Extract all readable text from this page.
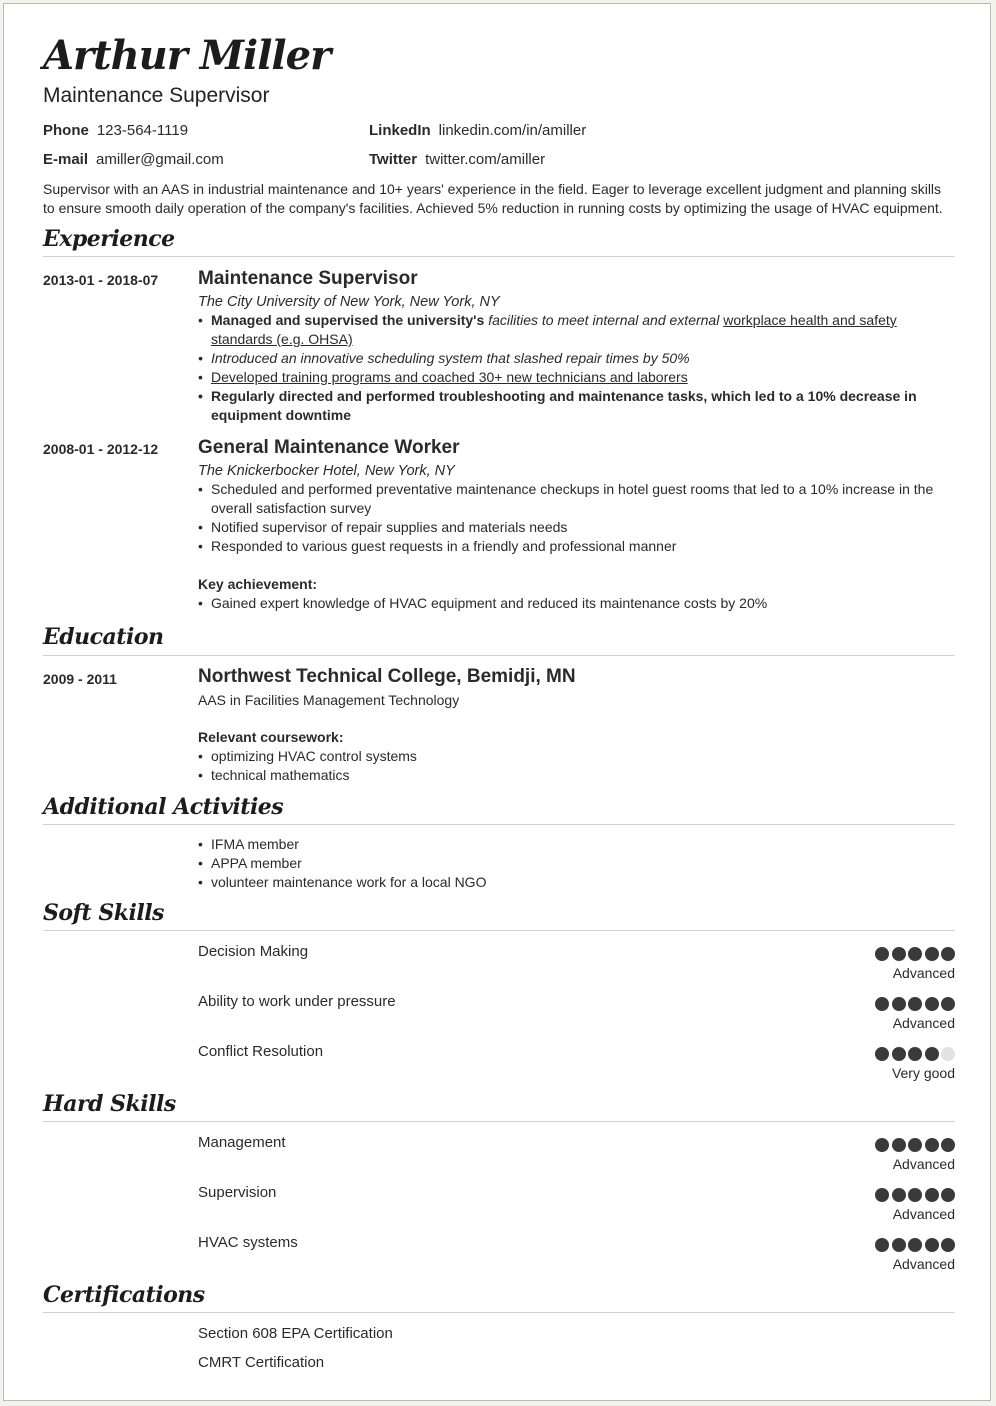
Arthur Miller
Maintenance Supervisor
Phone 123-564-1119
E-mail amiller@gmail.com
LinkedIn linkedin.com/in/amiller
Twitter twitter.com/amiller
Supervisor with an AAS in industrial maintenance and 10+ years' experience in the field. Eager to leverage excellent judgment and planning skills to ensure smooth daily operation of the company's facilities. Achieved 5% reduction in running costs by optimizing the usage of HVAC equipment.
Experience
2013-01 - 2018-07 Maintenance Supervisor
The City University of New York, New York, NY
• Managed and supervised the university's facilities to meet internal and external workplace health and safety standards (e.g. OHSA)
• Introduced an innovative scheduling system that slashed repair times by 50%
• Developed training programs and coached 30+ new technicians and laborers
• Regularly directed and performed troubleshooting and maintenance tasks, which led to a 10% decrease in equipment downtime
2008-01 - 2012-12 General Maintenance Worker
The Knickerbocker Hotel, New York, NY
• Scheduled and performed preventative maintenance checkups in hotel guest rooms that led to a 10% increase in the overall satisfaction survey
• Notified supervisor of repair supplies and materials needs
• Responded to various guest requests in a friendly and professional manner
Key achievement:
• Gained expert knowledge of HVAC equipment and reduced its maintenance costs by 20%
Education
2009 - 2011	Northwest Technical College, Bemidji, MN
AAS in Facilities Management Technology
Relevant coursework:
• optimizing HVAC control systems
• technical mathematics
Additional Activities
• IFMA member
• APPA member
• volunteer maintenance work for a local NGO
Soft Skills
Decision Making
Advanced
Ability to work under pressure
Advanced
Conflict Resolution
Very good
Hard Skills
Management
Advanced
Supervision
Advanced
HVAC systems
Advanced
Certifications
Section 608 EPA Certification
CMRT Certification
